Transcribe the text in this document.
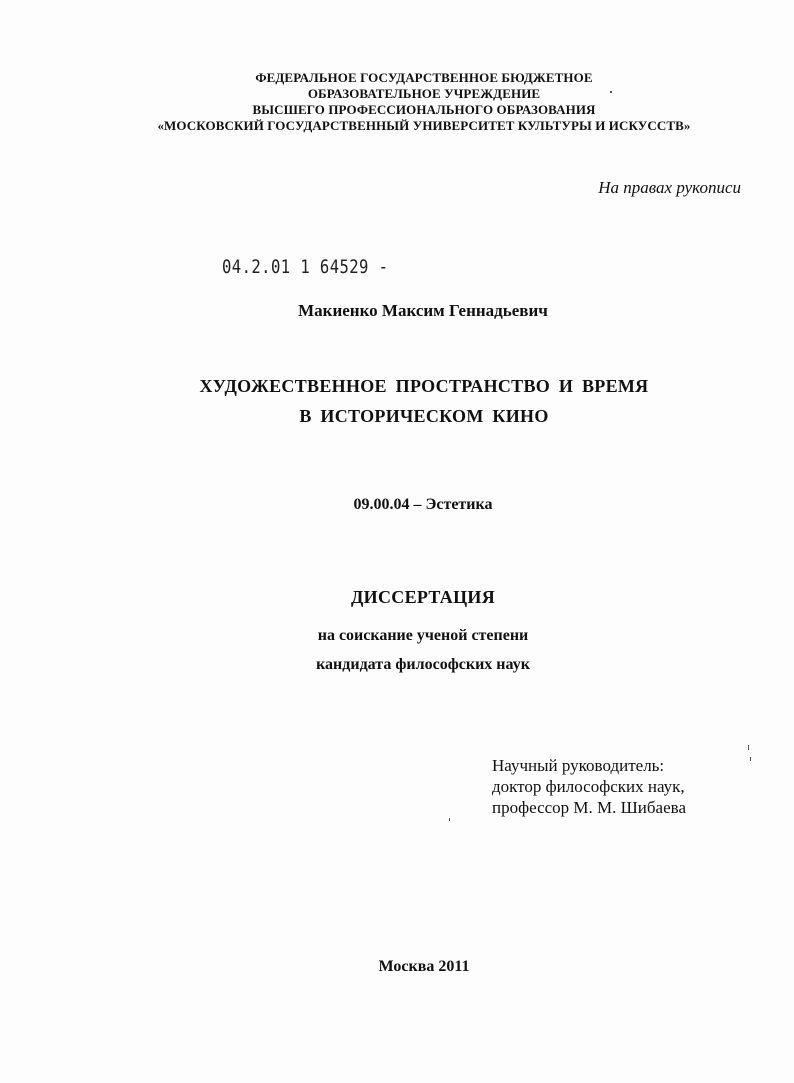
ФЕДЕРАЛЬНОЕ ГОСУДАРСТВЕННОЕ БЮДЖЕТНОЕ
ОБРАЗОВАТЕЛЬНОЕ УЧРЕЖДЕНИЕ
ВЫСШЕГО ПРОФЕССИОНАЛЬНОГО ОБРАЗОВАНИЯ
«МОСКОВСКИЙ ГОСУДАРСТВЕННЫЙ УНИВЕРСИТЕТ КУЛЬТУРЫ И ИСКУССТВ»
На правах рукописи
04.2.01 1 64529 -
Макиенко Максим Геннадьевич
ХУДОЖЕСТВЕННОЕ ПРОСТРАНСТВО И ВРЕМЯ
В ИСТОРИЧЕСКОМ КИНО
09.00.04 – Эстетика
ДИССЕРТАЦИЯ
на соискание ученой степени
кандидата философских наук
Научный руководитель:
доктор философских наук,
профессор М. М. Шибаева
Москва 2011
